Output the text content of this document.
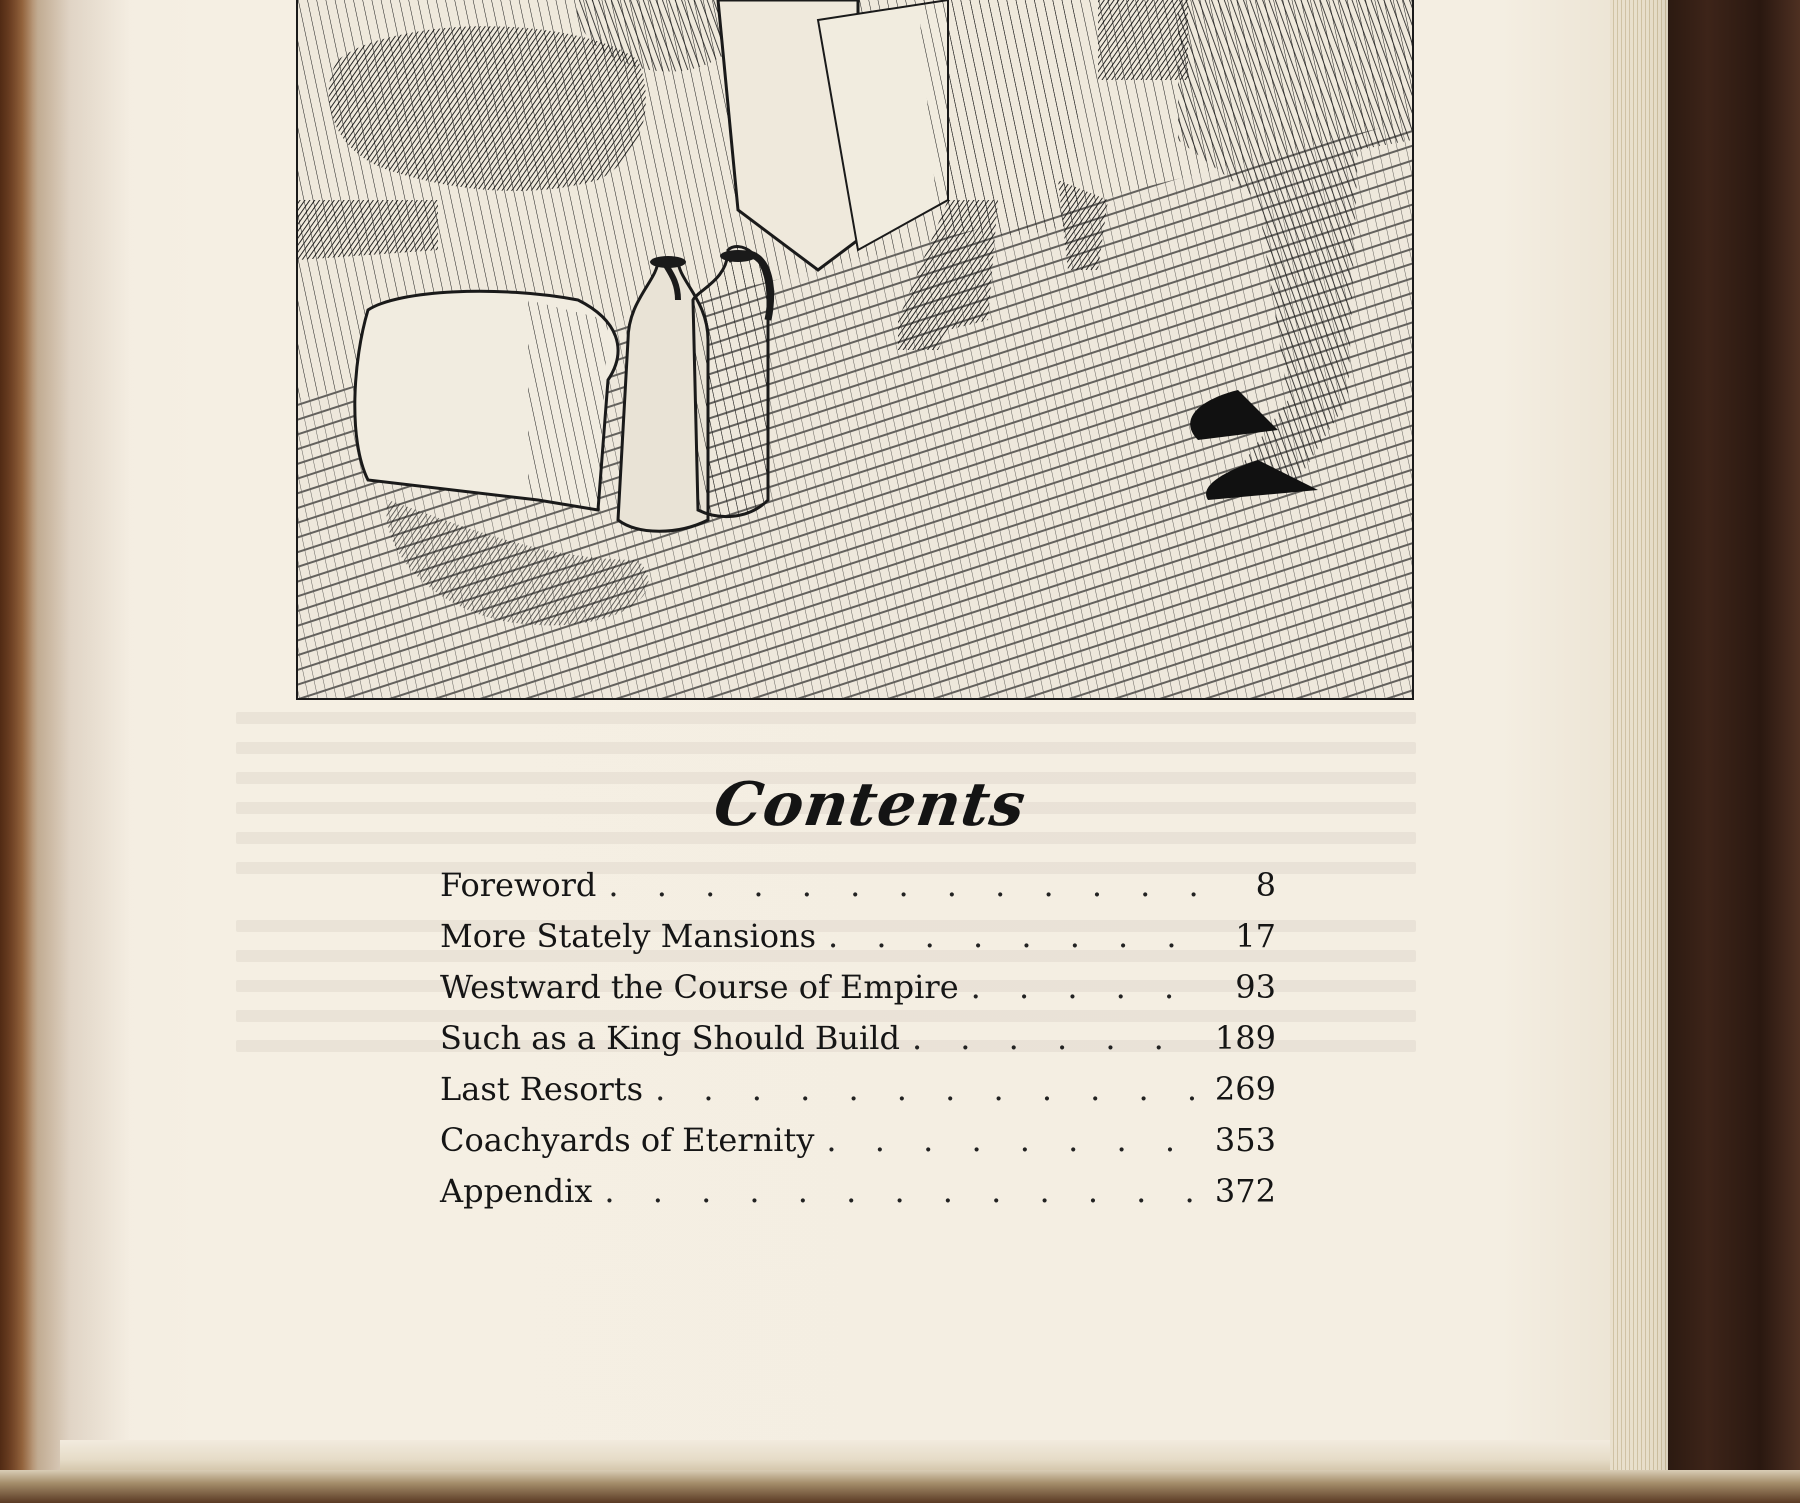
Contents
Foreword . . .	8
More Stately Mansions . . .	17
Westward the Course of Empire . . .	93
Such as a King Should Build . . .	189
Last Resorts . . .	269
Coachyards of Eternity . . .	353
Appendix . . .	372
